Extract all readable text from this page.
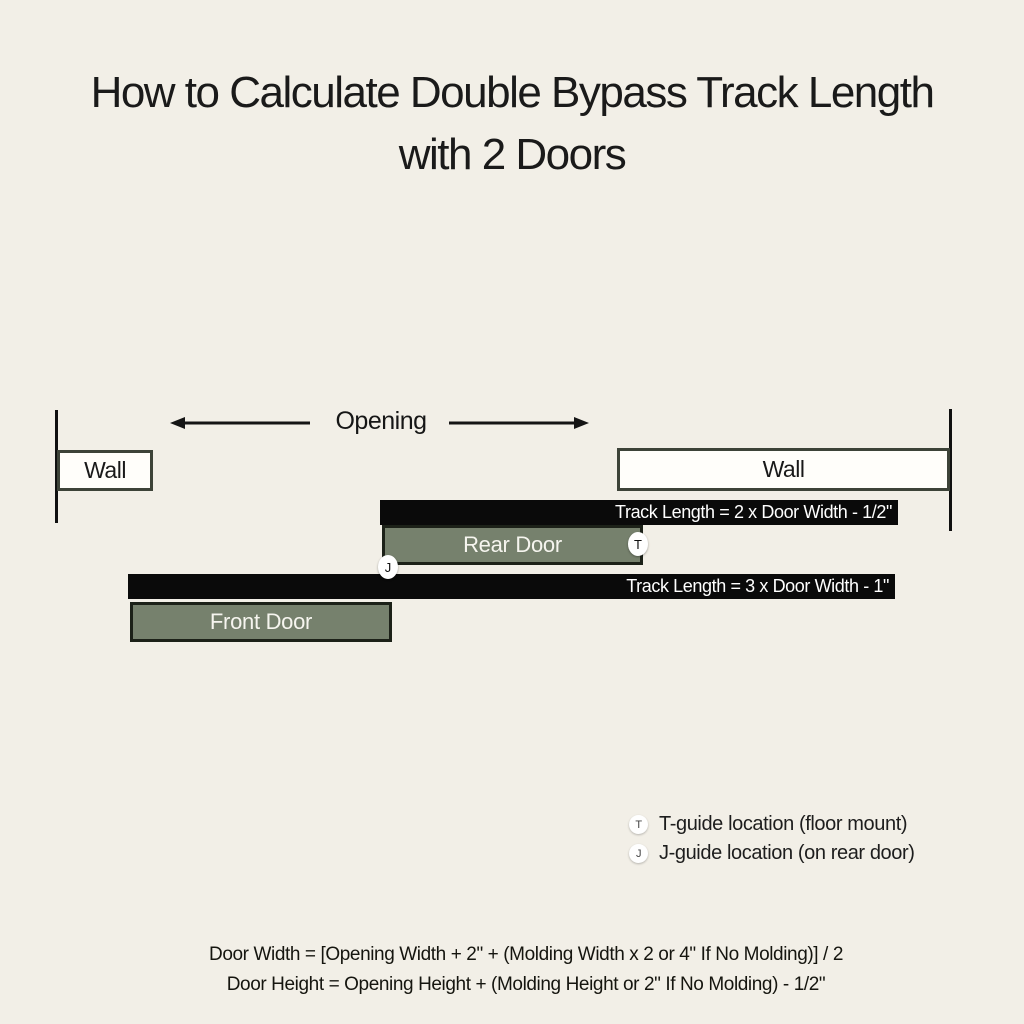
How to Calculate Double Bypass Track Length
with 2 Doors
Opening
Wall	Wall
Track Length = 2 x Door Width - 1/2"
Rear Door
Track Length = 3 x Door Width - 1"
Front Door
T
J
T T-guide location (floor mount)
J J-guide location (on rear door)
Door Width = [Opening Width + 2" + (Molding Width x 2 or 4" If No Molding)] / 2
Door Height = Opening Height + (Molding Height or 2" If No Molding) - 1/2"
